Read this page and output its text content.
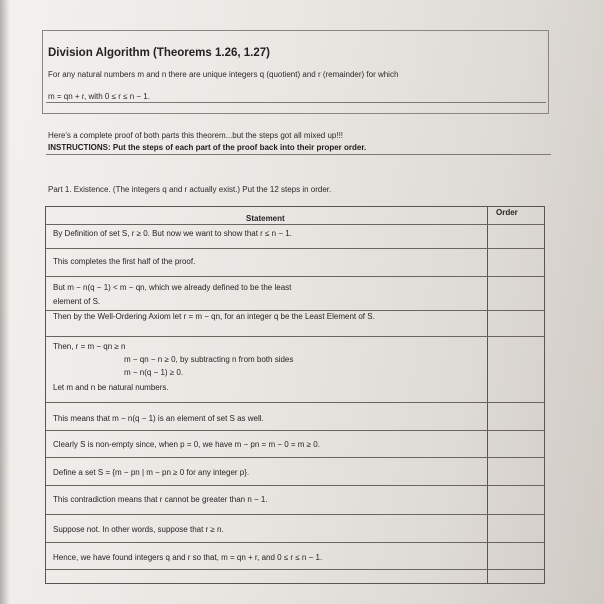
Division Algorithm (Theorems 1.26, 1.27)
For any natural numbers m and n there are unique integers q (quotient) and r (remainder) for which
m = qn + r, with 0 ≤ r ≤ n − 1.
Here's a complete proof of both parts this theorem...but the steps got all mixed up!!!
INSTRUCTIONS: Put the steps of each part of the proof back into their proper order.
Part 1. Existence. (The integers q and r actually exist.) Put the 12 steps in order.
Order
Statement
By Definition of set S, r ≥ 0. But now we want to show that r ≤ n − 1.
This completes the first half of the proof.
But m − n(q − 1) < m − qn, which we already defined to be the least
element of S.
Then by the Well-Ordering Axiom let r = m − qn, for an integer q be the Least Element of S.
Then, r = m − qn ≥ n
m − qn − n ≥ 0, by subtracting n from both sides
m − n(q − 1) ≥ 0.
Let m and n be natural numbers.
This means that m − n(q − 1) is an element of set S as well.
Clearly S is non-empty since, when p = 0, we have m − pn = m − 0 = m ≥ 0.
Define a set S = {m − pn | m − pn ≥ 0 for any integer p}.
This contradiction means that r cannot be greater than n − 1.
Suppose not. In other words, suppose that r ≥ n.
Hence, we have found integers q and r so that, m = qn + r, and 0 ≤ r ≤ n − 1.
